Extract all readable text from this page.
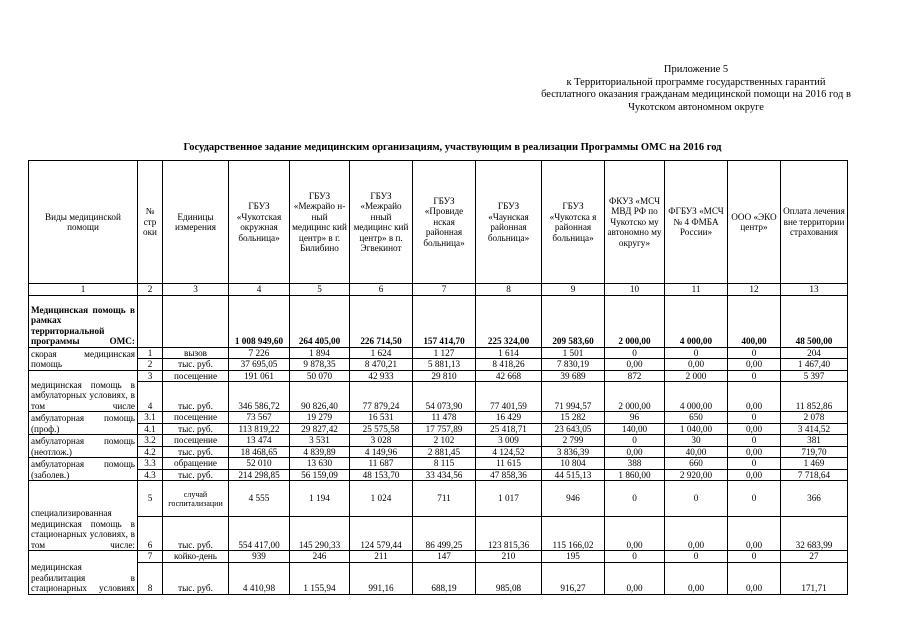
Приложение 5
к Территориальной программе государственных гарантий
бесплатного оказания гражданам медицинской помощи на 2016 год в
Чукотском автономном округе
Государственное задание медицинским организациям, участвующим в реализации Программы ОМС на 2016 год
Виды медицинской помощи	№ стр оки	Единицы измерения	ГБУЗ «Чукотская окружная больница»	ГБУЗ «Межрайо н-ный медицинс кий центр» в г. Билибино	ГБУЗ «Межрайо нный медицинс кий центр» в п. Эгвекинот	ГБУЗ «Провиде нская районная больница»	ГБУЗ «Чаунская районная больница»	ГБУЗ «Чукотска я районная больница»	ФКУЗ «МСЧ МВД РФ по Чукотско му автономно му округу»	ФГБУЗ «МСЧ № 4 ФМБА России»	ООО «ЭКО центр»	Оплата лечения вне территории страхования
1	2	3	4	5	6	7	8	9	10	11	12	13
Медицинская помощь в рамках территориальной программы ОМС:			1 008 949,60	264 405,00	226 714,50	157 414,70	225 324,00	209 583,60	2 000,00	4 000,00	400,00	48 500,00
скорая медицинская помощь	1	вызов	7 226	1 894	1 624	1 127	1 614	1 501	0	0	0	204
	2	тыс. руб.	37 695,05	9 878,35	8 470,21	5 881,13	8 418,26	7 830,19	0,00	0,00	0,00	1 467,40
медицинская помощь в амбулаторных условиях, в том числе	3	посещение	191 061	50 070	42 933	29 810	42 668	39 689	872	2 000	0	5 397
	4	тыс. руб.	346 586,72	90 826,40	77 879,24	54 073,90	77 401,59	71 994,57	2 000,00	4 000,00	0,00	11 852,86
амбулаторная помощь (проф.)	3.1	посещение	73 567	19 279	16 531	11 478	16 429	15 282	96	650	0	2 078
	4.1	тыс. руб.	113 819,22	29 827,42	25 575,58	17 757,89	25 418,71	23 643,05	140,00	1 040,00	0,00	3 414,52
амбулаторная помощь (неотлож.)	3.2	посещение	13 474	3 531	3 028	2 102	3 009	2 799	0	30	0	381
	4.2	тыс. руб.	18 468,65	4 839,89	4 149,96	2 881,45	4 124,52	3 836,39	0,00	40,00	0,00	719,70
амбулаторная помощь (заболев.)	3.3	обращение	52 010	13 630	11 687	8 115	11 615	10 804	388	660	0	1 469
	4.3	тыс. руб.	214 298,85	56 159,09	48 153,70	33 434,56	47 858,36	44 515,13	1 860,00	2 920,00	0,00	7 718,64
специализированная медицинская помощь в стационарных условиях, в том числе:	5	случай госпитализации	4 555	1 194	1 024	711	1 017	946	0	0	0	366
	6	тыс. руб.	554 417,00	145 290,33	124 579,44	86 499,25	123 815,36	115 166,02	0,00	0,00	0,00	32 683,99
медицинская реабилитация в стационарных условиях	7	койко-день	939	246	211	147	210	195	0	0	0	27
	8	тыс. руб.	4 410,98	1 155,94	991,16	688,19	985,08	916,27	0,00	0,00	0,00	171,71
